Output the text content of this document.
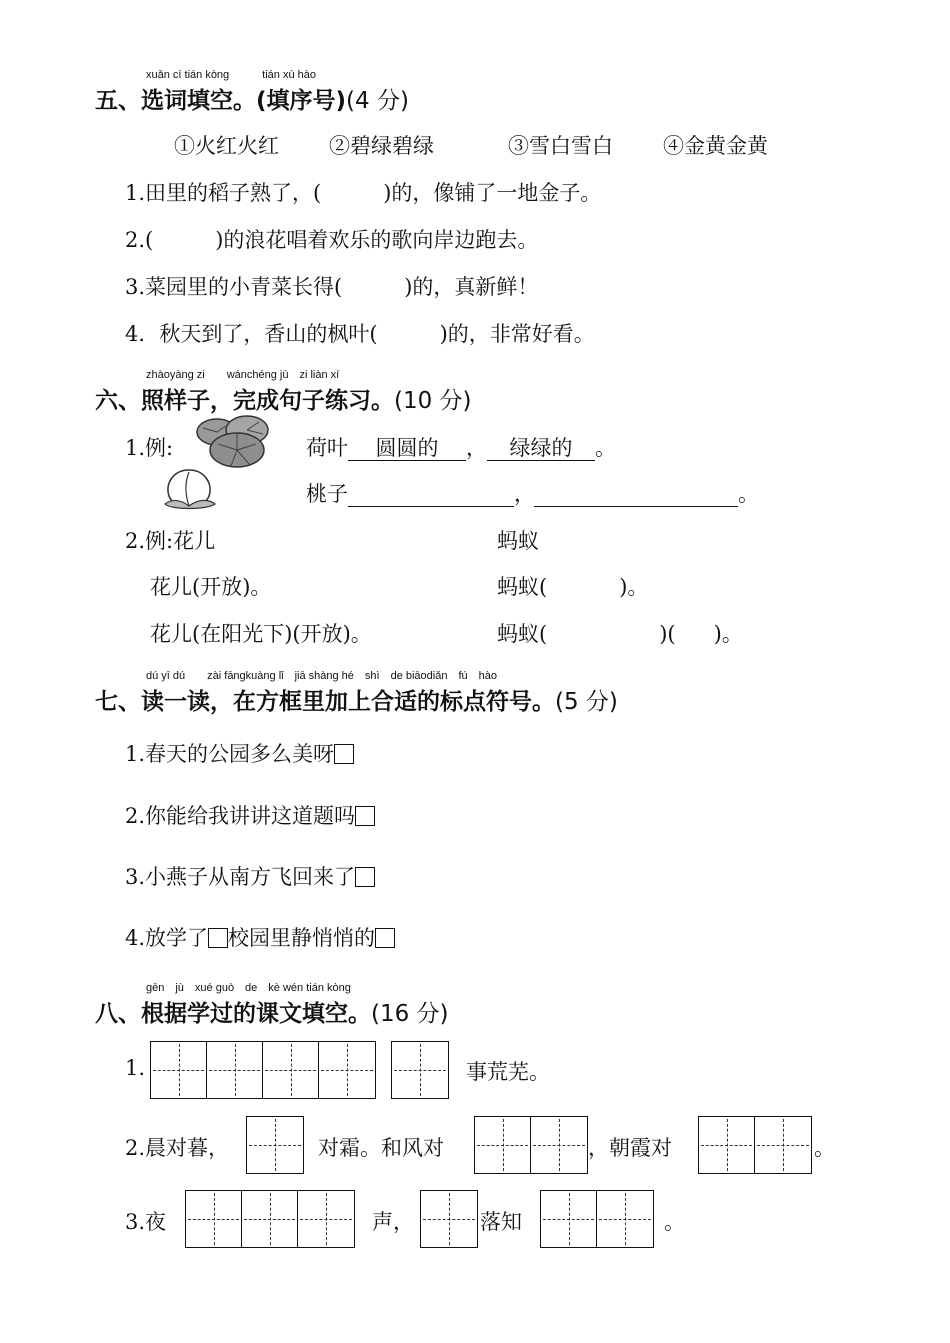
xuǎn cí tián kòng　　　tián xù hào
五、选词填空。(填序号)(4 分)
①火红火红 ②碧绿碧绿	③雪白雪白 ④金黄金黄
1.田里的稻子熟了，(	)的，像铺了一地金子。
2.(	)的浪花唱着欢乐的歌向岸边跑去。
3.菜园里的小青菜长得(	)的，真新鲜！
4．秋天到了，香山的枫叶(	)的，非常好看。
zhàoyàng zi　　wánchéng jù　zi liàn xí
六、照样子，完成句子练习。(10 分)
1.例:	荷叶 圆圆的 ， 绿绿的 。
桃子	，	。
2.例:花儿
花儿(开放)。
花儿(在阳光下)(开放)。
蚂蚁
蚂蚁(	)。
蚂蚁(	)( )。
dú yī dú　　zài fāngkuàng lǐ　jiā shàng hé　shì　de biāodiǎn　fú　hào
七、读一读，在方框里加上合适的标点符号。(5 分)
1.春天的公园多么美呀
2.你能给我讲讲这道题吗
3.小燕子从南方飞回来了
4.放学了 校园里静悄悄的
gēn　jù　xué guò　de　kè wén tián kòng
八、根据学过的课文填空。(16 分)
1.	事荒芜。
2.晨对暮，	对霜。和风对	，朝霞对	。
3.夜	声，	落知	。
